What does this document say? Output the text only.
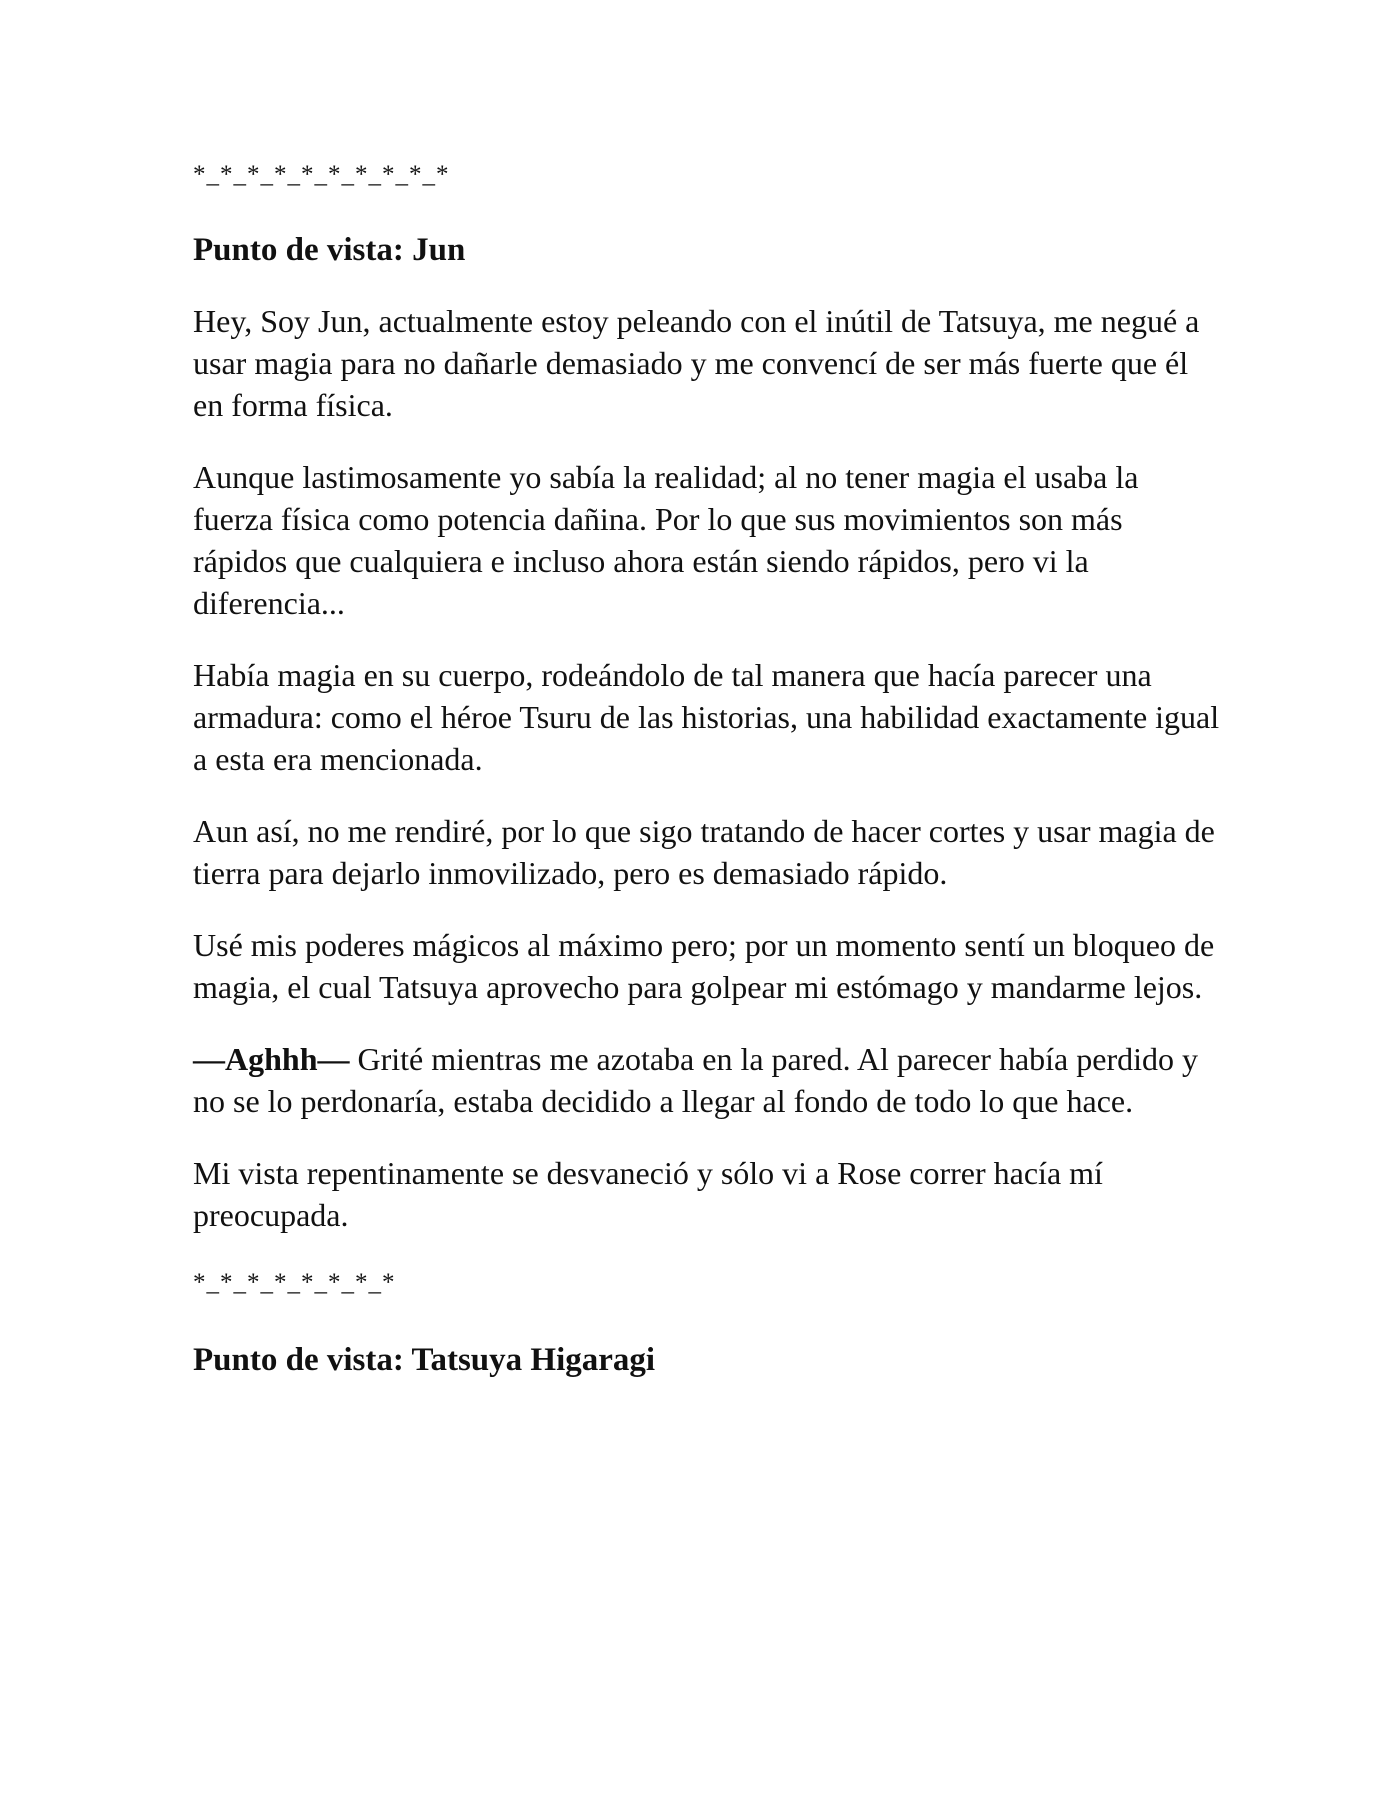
*_*_*_*_*_*_*_*_*_*

Punto de vista: Jun

Hey, Soy Jun, actualmente estoy peleando con el inútil de Tatsuya, me negué a usar magia para no dañarle demasiado y me convencí de ser más fuerte que él en forma física.

Aunque lastimosamente yo sabía la realidad; al no tener magia el usaba la fuerza física como potencia dañina. Por lo que sus movimientos son más rápidos que cualquiera e incluso ahora están siendo rápidos, pero vi la diferencia...

Había magia en su cuerpo, rodeándolo de tal manera que hacía parecer una armadura: como el héroe Tsuru de las historias, una habilidad exactamente igual a esta era mencionada.

Aun así, no me rendiré, por lo que sigo tratando de hacer cortes y usar magia de tierra para dejarlo inmovilizado, pero es demasiado rápido.

Usé mis poderes mágicos al máximo pero; por un momento sentí un bloqueo de magia, el cual Tatsuya aprovecho para golpear mi estómago y mandarme lejos.

—Aghhh— Grité mientras me azotaba en la pared. Al parecer había perdido y no se lo perdonaría, estaba decidido a llegar al fondo de todo lo que hace.

Mi vista repentinamente se desvaneció y sólo vi a Rose correr hacía mí preocupada.

*_*_*_*_*_*_*_*

Punto de vista: Tatsuya Higaragi
